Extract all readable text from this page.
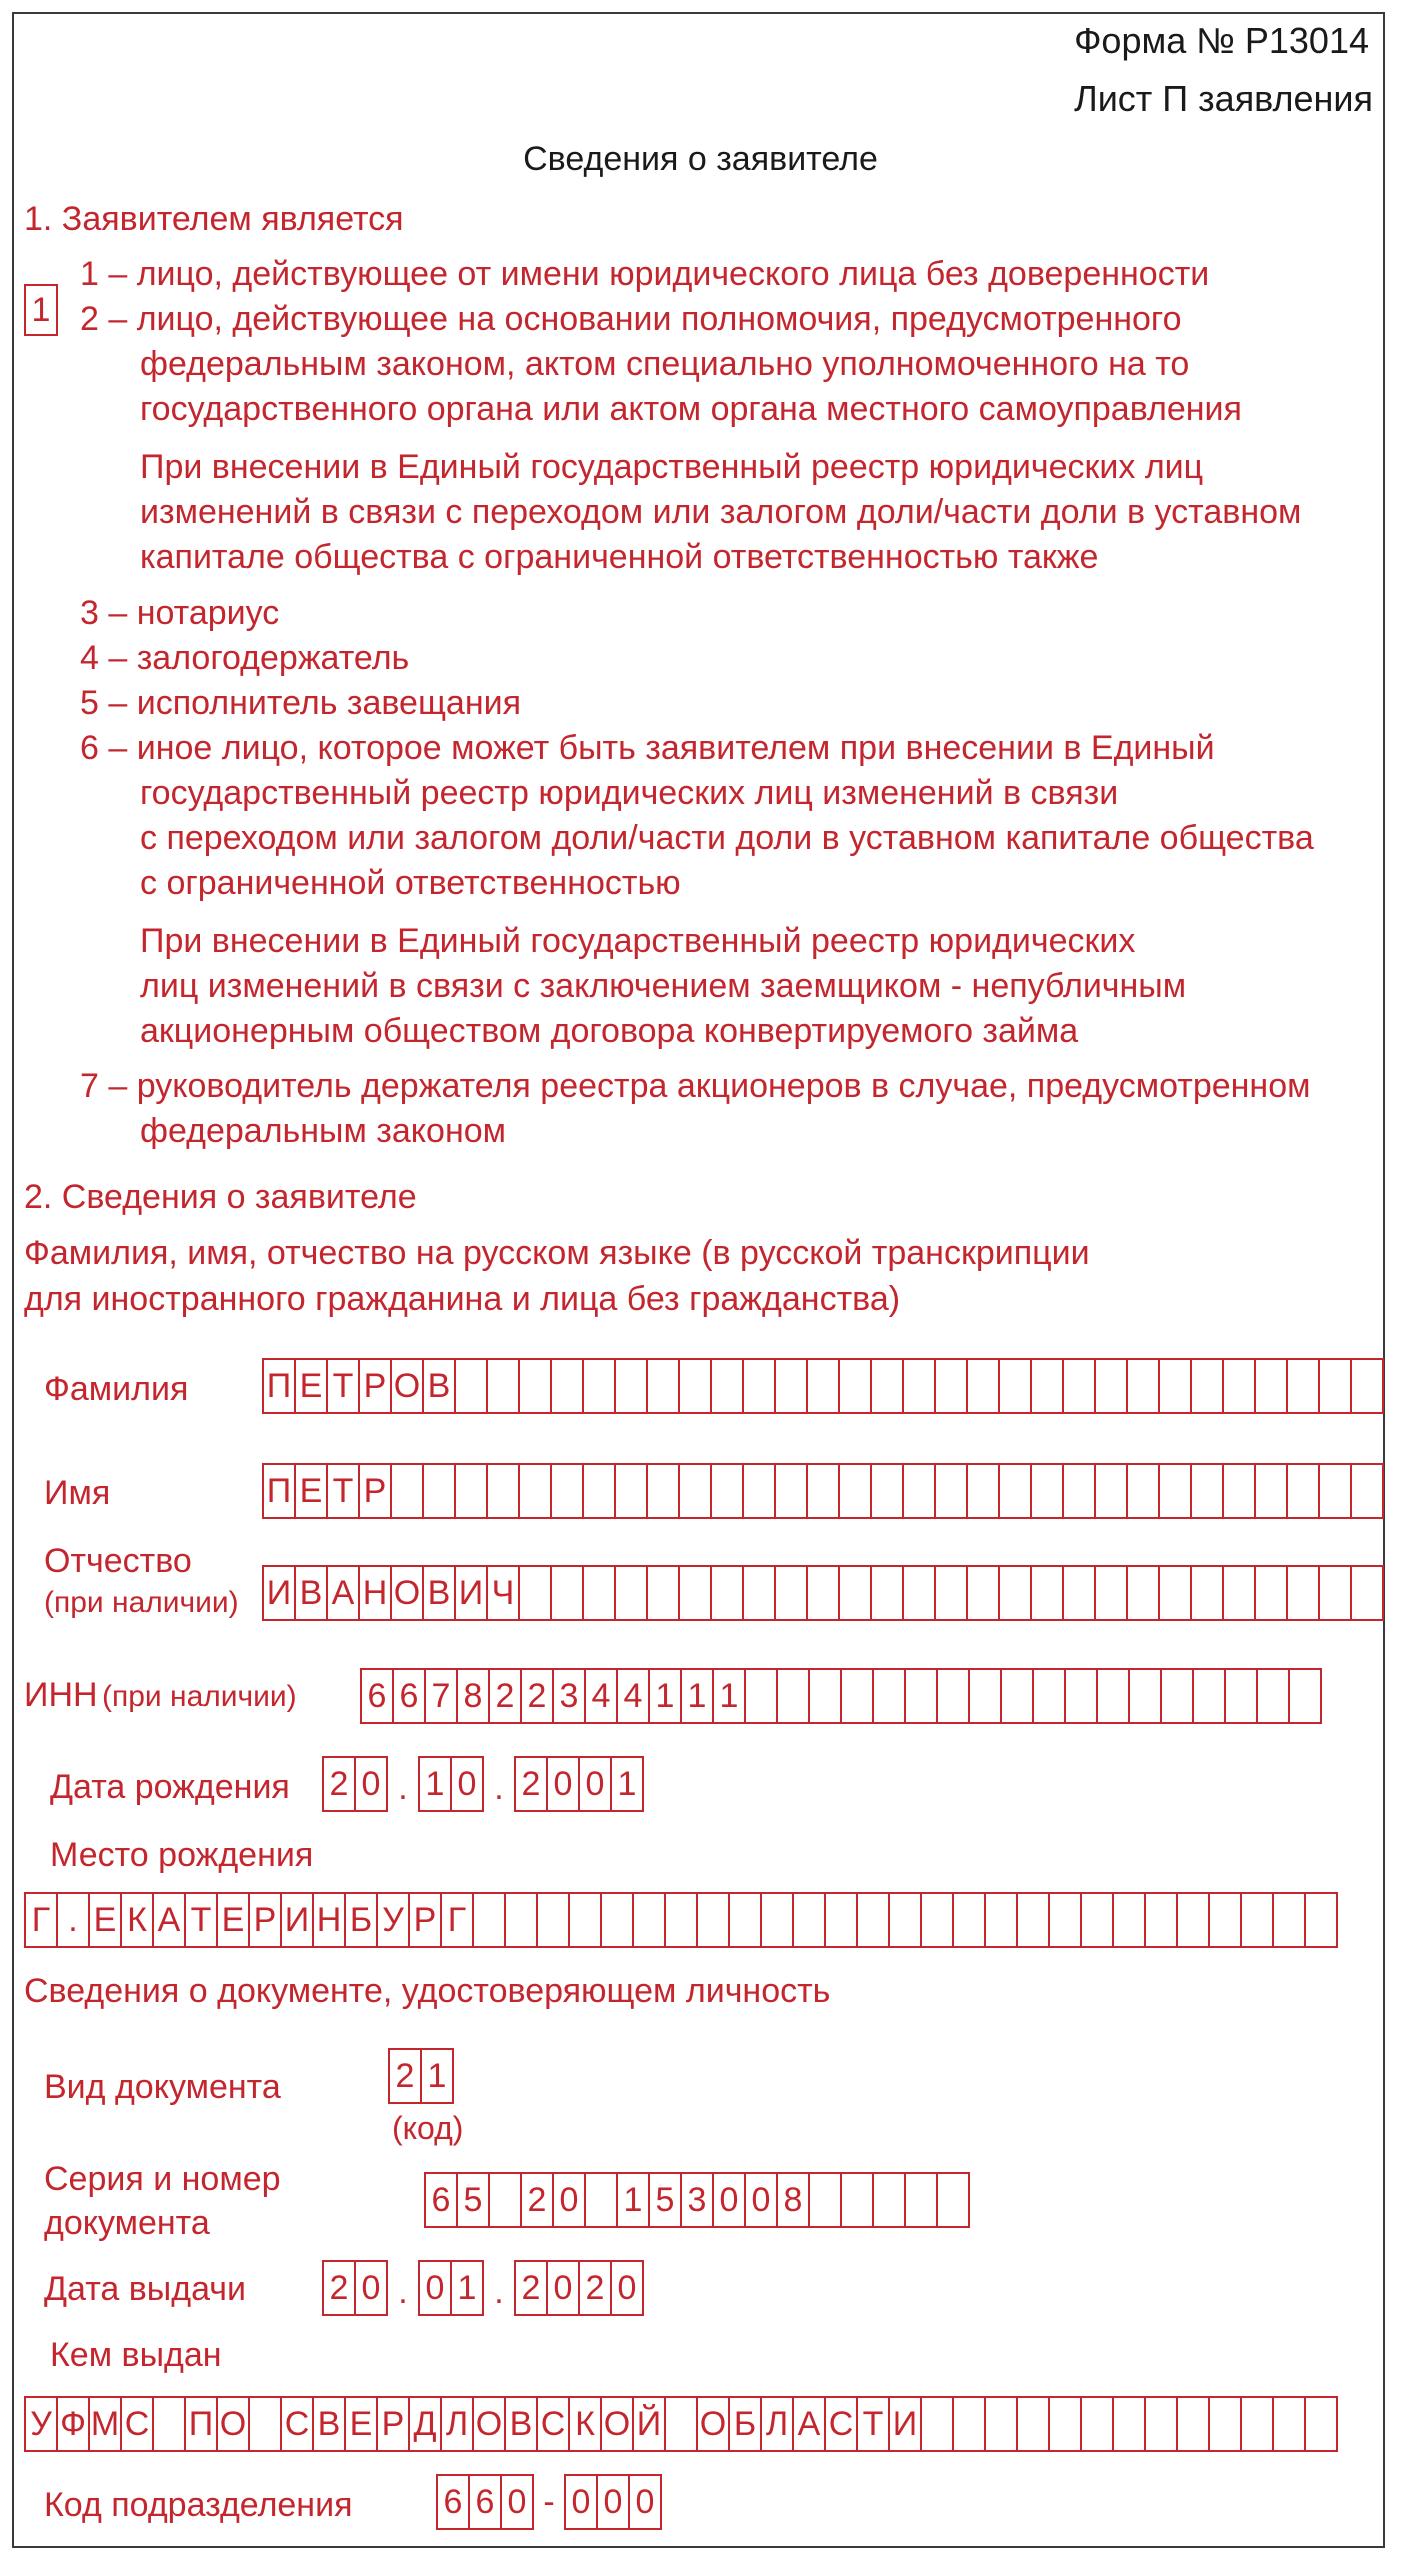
Форма № Р13014
Лист П заявления
Сведения о заявителе
1. Заявителем является
1
1 – лицо, действующее от имени юридического лица без доверенности
2 – лицо, действующее на основании полномочия, предусмотренного
федеральным законом, актом специально уполномоченного на то
государственного органа или актом органа местного самоуправления
При внесении в Единый государственный реестр юридических лиц
изменений в связи с переходом или залогом доли/части доли в уставном
капитале общества с ограниченной ответственностью также
3 – нотариус
4 – залогодержатель
5 – исполнитель завещания
6 – иное лицо, которое может быть заявителем при внесении в Единый
государственный реестр юридических лиц изменений в связи
с переходом или залогом доли/части доли в уставном капитале общества
с ограниченной ответственностью
При внесении в Единый государственный реестр юридических
лиц изменений в связи с заключением заемщиком - непубличным
акционерным обществом договора конвертируемого займа
7 – руководитель держателя реестра акционеров в случае, предусмотренном
федеральным законом
2. Сведения о заявителе
Фамилия, имя, отчество на русском языке (в русской транскрипции
для иностранного гражданина и лица без гражданства)
Фамилия П Е Т Р О В
Имя	П Е Т Р
Отчество
(при наличии) И В А Н О В И Ч
ИНН (при наличии) 6 6 7 8 2 2 3 4 4 1 1 1
Дата рождения 2 0 . 1 0 . 2 0 0 1
Место рождения
Г . Е К А Т Е Р И Н Б У Р Г
Сведения о документе, удостоверяющем личность
Вид документа	2 1
(код)
Серия и номер
документа
6 5 2 0 1 5 3 0 0 8
Дата выдачи 2 0 . 0 1 . 2 0 2 0
Кем выдан
У Ф М С П О С В Е Р Д Л О В С К О Й О Б Л А С Т И
Код подразделения	6 6 0 - 0 0 0
